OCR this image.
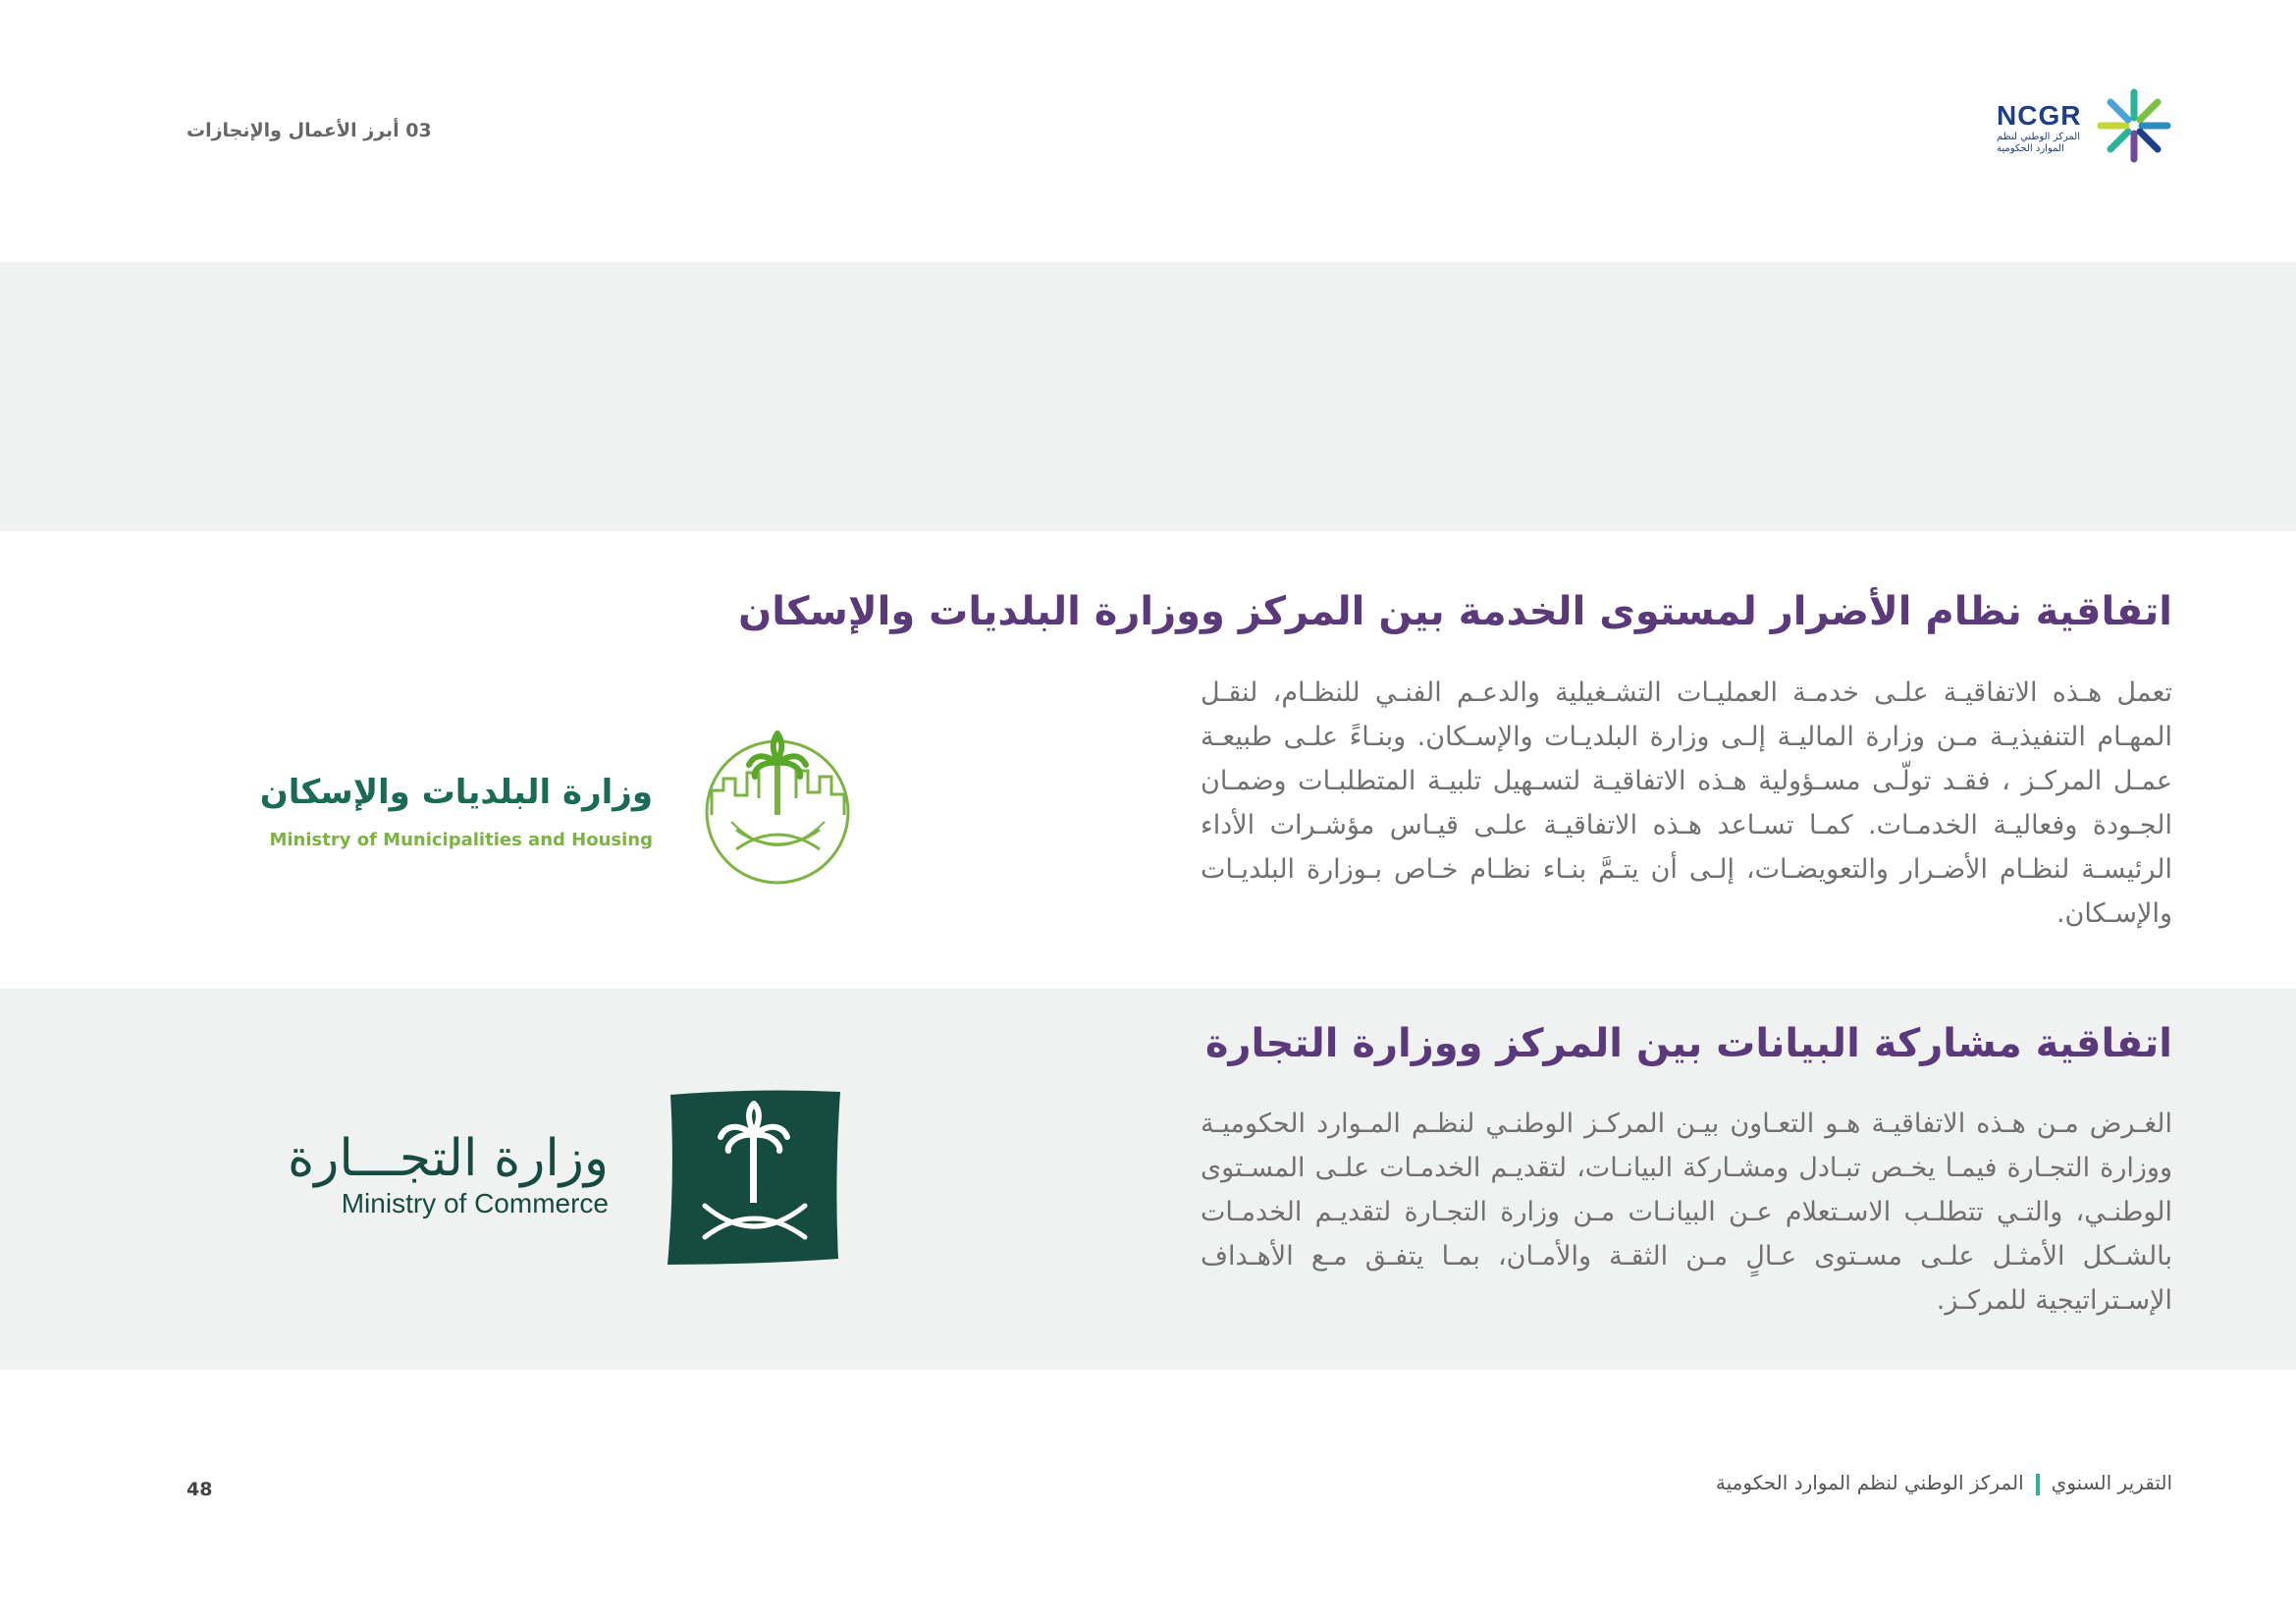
03 أبرز الأعمال والإنجازات	NCGR
المركز الوطني لنظم الموارد الحكومية
اتفاقية نظام الأضرار لمستوى الخدمة بين المركز ووزارة البلديات والإسكان
تعمل هـذه الاتفاقيـة علـى خدمـة العمليـات التشـغيلية والدعـم الفنـي للنظـام، لنقـل المهـام التنفيذيـة مـن وزارة الماليـة إلـى وزارة البلديـات والإسـكان. وبنـاءً علـى طبيعـة عمـل المركـز ، فقـد تولّـى مسـؤولية هـذه الاتفاقيـة لتسـهيل تلبيـة المتطلبـات وضمـان الجـودة وفعاليـة الخدمـات. كمـا تسـاعد هـذه الاتفاقيـة علـى قيـاس مؤشـرات الأداء الرئيسـة لنظـام الأضـرار والتعويضـات، إلـى أن يتـمَّ بنـاء نظـام خـاص بـوزارة البلديـات والإسـكان.
وزارة البلديات والإسكان
Ministry of Municipalities and Housing
اتفاقية مشاركة البيانات بين المركز ووزارة التجارة
الغـرض مـن هـذه الاتفاقيـة هـو التعـاون بيـن المركـز الوطنـي لنظـم المـوارد الحكوميـة ووزارة التجـارة فيمـا يخـص تبـادل ومشـاركة البيانـات، لتقديـم الخدمـات علـى المسـتوى الوطنـي، والتـي تتطلـب الاسـتعلام عـن البيانـات مـن وزارة التجـارة لتقديـم الخدمـات بالشـكل الأمثـل علـى مسـتوى عـالٍ مـن الثقـة والأمـان، بمـا يتفـق مـع الأهـداف الإسـتراتيجية للمركـز.
وزارة التجـــارة
Ministry of Commerce
48	التقرير السنويالمركز الوطني لنظم الموارد الحكومية
